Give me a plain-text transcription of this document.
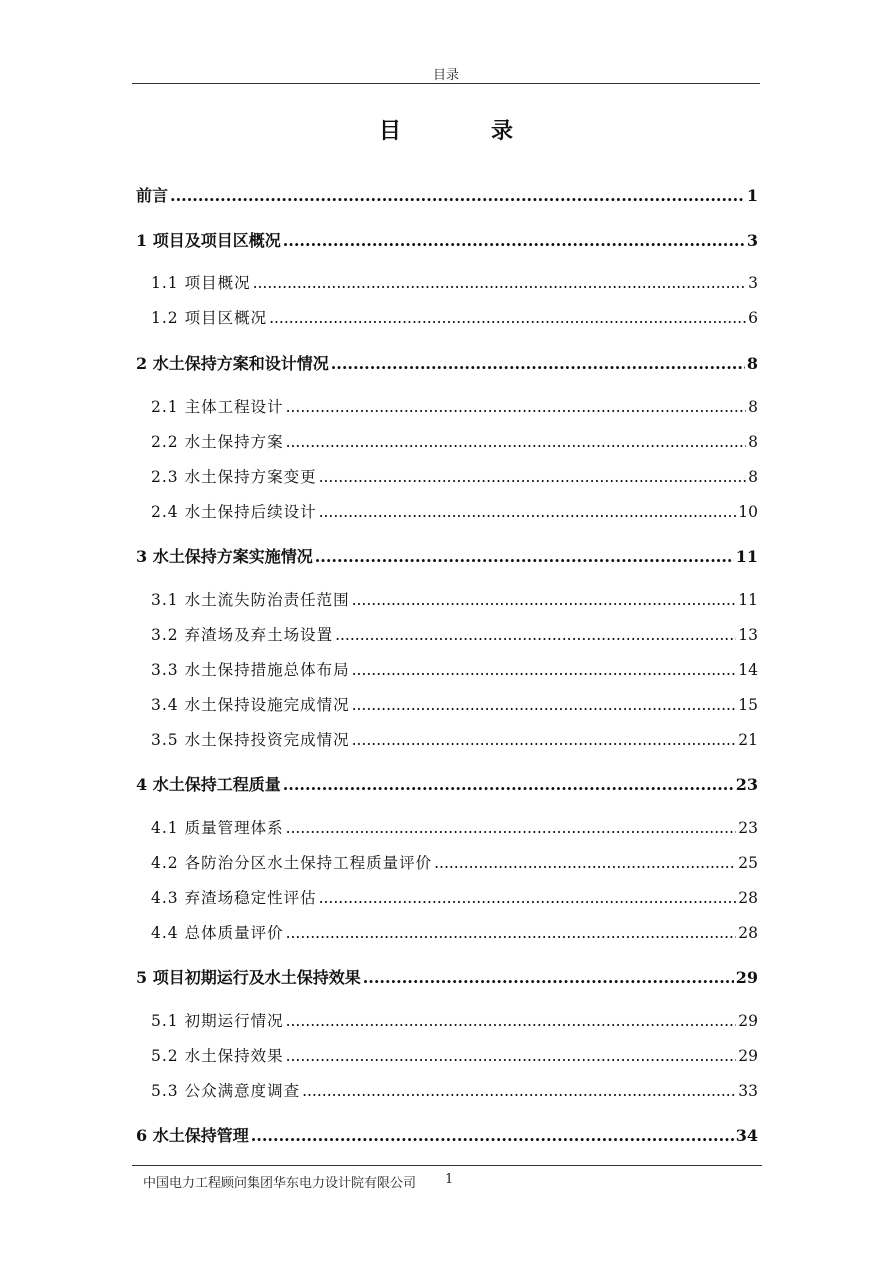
目录
目　录
前言 .....	1
1 项目及项目区概况 .....	3
1.1 项目概况 .....	3
1.2 项目区概况 .....	6
2 水土保持方案和设计情况 .....	8
2.1 主体工程设计 .....	8
2.2 水土保持方案 .....	8
2.3 水土保持方案变更 .....	8
2.4 水土保持后续设计 .....	10
3 水土保持方案实施情况 .....	11
3.1 水土流失防治责任范围 .....	11
3.2 弃渣场及弃土场设置 .....	13
3.3 水土保持措施总体布局 .....	14
3.4 水土保持设施完成情况 .....	15
3.5 水土保持投资完成情况 .....	21
4 水土保持工程质量 .....	23
4.1 质量管理体系 .....	23
4.2 各防治分区水土保持工程质量评价 .....	25
4.3 弃渣场稳定性评估 .....	28
4.4 总体质量评价 .....	28
5 项目初期运行及水土保持效果 .....	29
5.1 初期运行情况 .....	29
5.2 水土保持效果 .....	29
5.3 公众满意度调查 .....	33
6 水土保持管理 .....	34
中国电力工程顾问集团华东电力设计院有限公司 1
